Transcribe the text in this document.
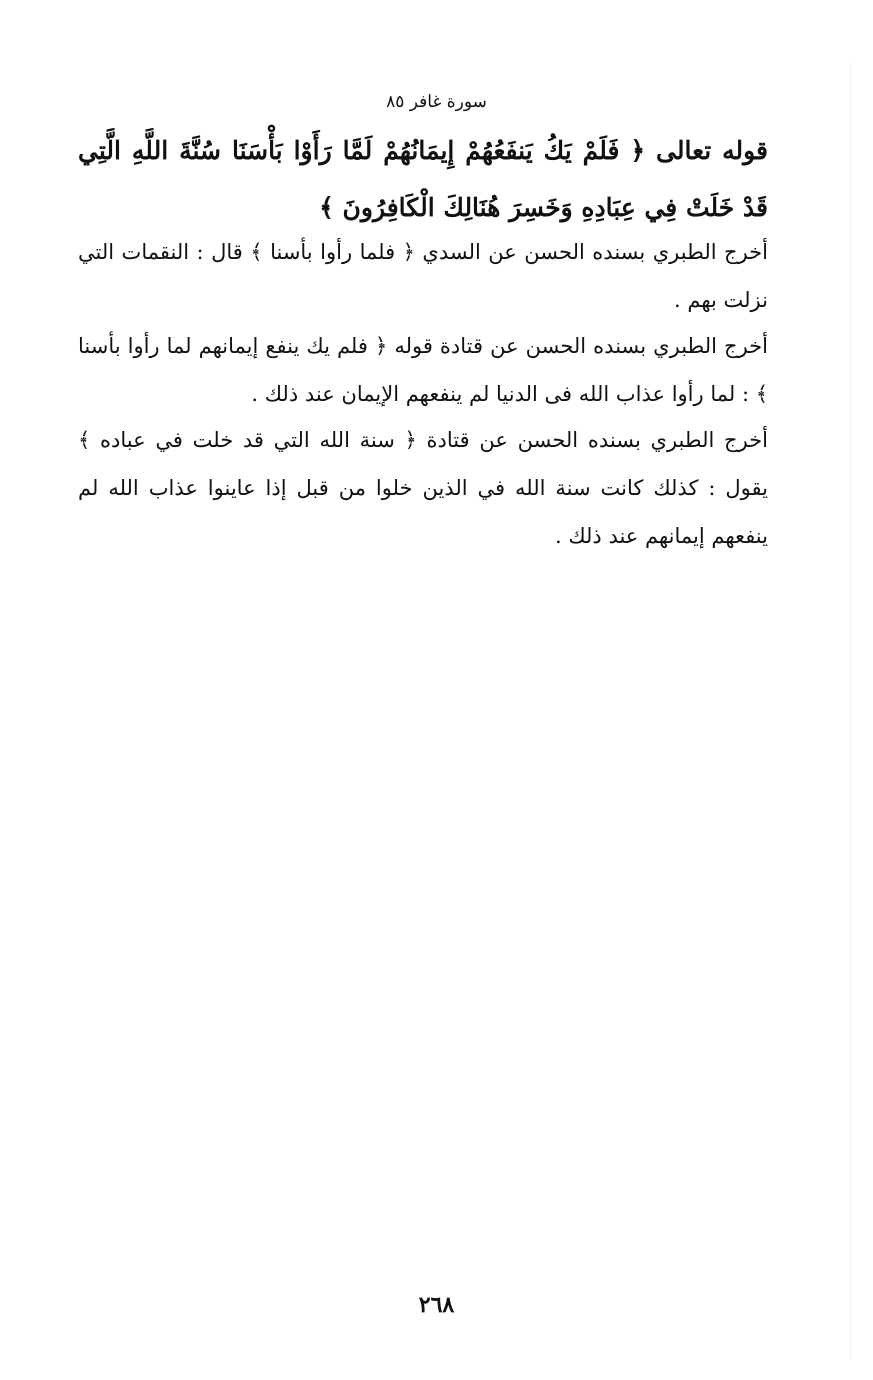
سورة غافر ٨٥
قوله تعالى ﴿ فَلَمْ يَكُ يَنفَعُهُمْ إِيمَانُهُمْ لَمَّا رَأَوْا بَأْسَنَا سُنَّةَ اللَّهِ الَّتِي قَدْ خَلَتْ فِي عِبَادِهِ وَخَسِرَ هُنَالِكَ الْكَافِرُونَ ﴾
أخرج الطبري بسنده الحسن عن السدي ﴿ فلما رأوا بأسنا ﴾ قال : النقمات التي نزلت بهم .
أخرج الطبري بسنده الحسن عن قتادة قوله ﴿ فلم يك ينفع إيمانهم لما رأوا بأسنا ﴾ : لما رأوا عذاب الله فى الدنيا لم ينفعهم الإيمان عند ذلك .
أخرج الطبري بسنده الحسن عن قتادة ﴿ سنة الله التي قد خلت في عباده ﴾ يقول : كذلك كانت سنة الله في الذين خلوا من قبل إذا عاينوا عذاب الله لم ينفعهم إيمانهم عند ذلك .
٢٦٨
